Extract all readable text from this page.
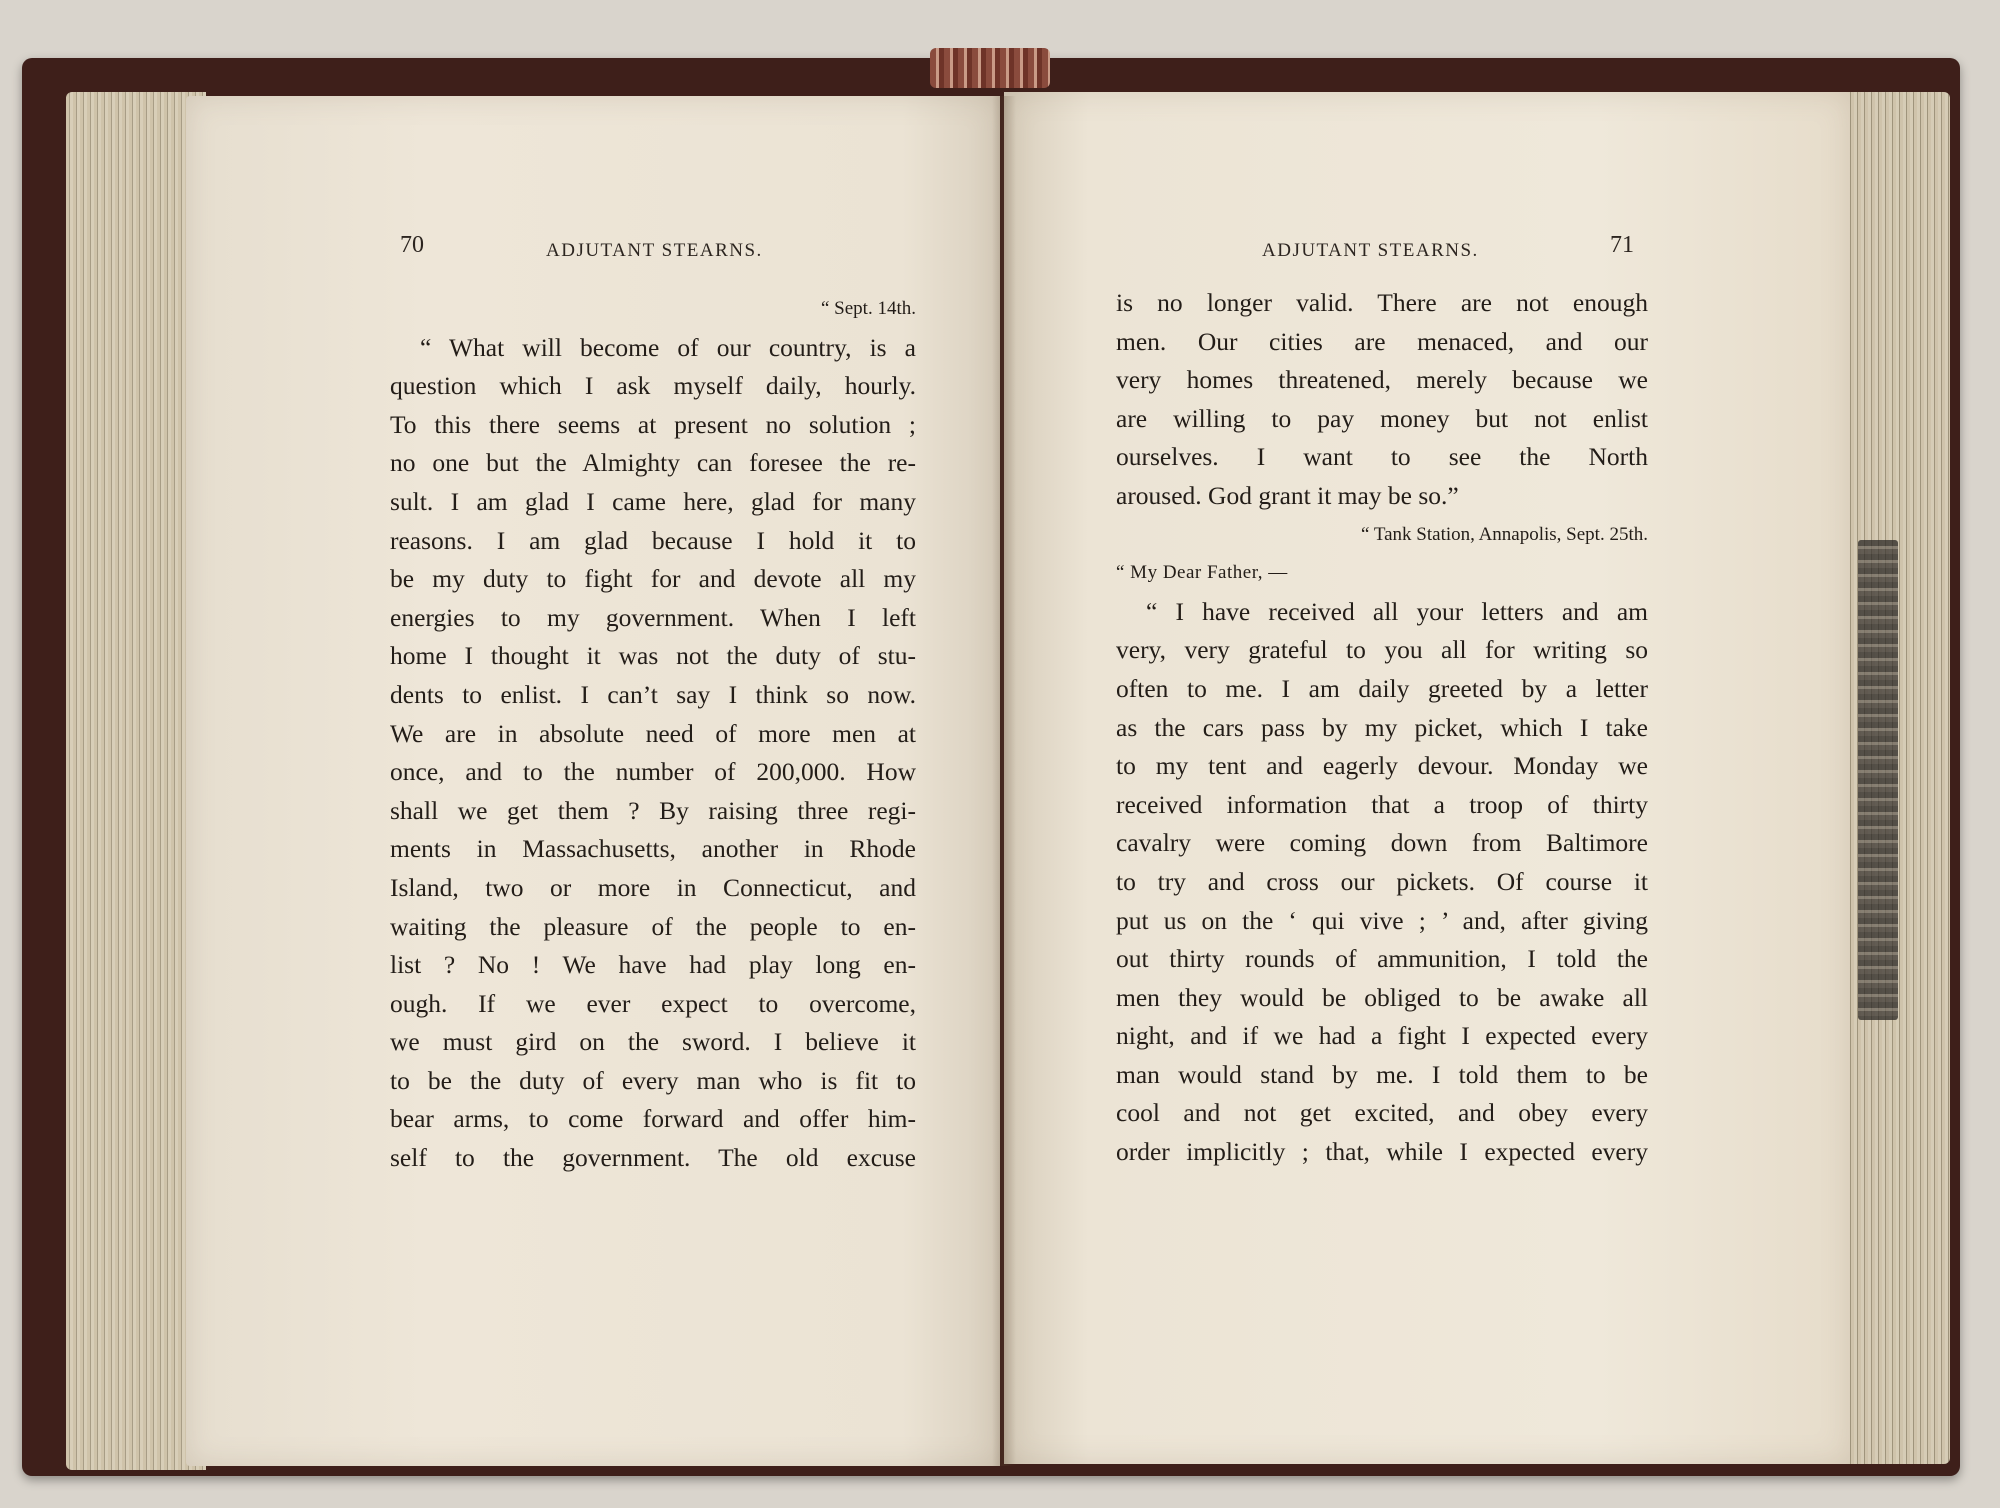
70	ADJUTANT STEARNS.
“ Sept. 14th.
“ What will become of our country, is a
question which I ask myself daily, hourly.
To this there seems at present no solution ;
no one but the Almighty can foresee the re-
sult. I am glad I came here, glad for many
reasons. I am glad because I hold it to
be my duty to fight for and devote all my
energies to my government. When I left
home I thought it was not the duty of stu-
dents to enlist. I can’t say I think so now.
We are in absolute need of more men at
once, and to the number of 200,000. How
shall we get them ? By raising three regi-
ments in Massachusetts, another in Rhode
Island, two or more in Connecticut, and
waiting the pleasure of the people to en-
list ? No ! We have had play long en-
ough. If we ever expect to overcome,
we must gird on the sword. I believe it
to be the duty of every man who is fit to
bear arms, to come forward and offer him-
self to the government. The old excuse
ADJUTANT STEARNS.	71
is no longer valid. There are not enough
men. Our cities are menaced, and our
very homes threatened, merely because we
are willing to pay money but not enlist
ourselves. I want to see the North
aroused. God grant it may be so.”
“ Tank Station, Annapolis, Sept. 25th.
“ My Dear Father, —
“ I have received all your letters and am
very, very grateful to you all for writing so
often to me. I am daily greeted by a letter
as the cars pass by my picket, which I take
to my tent and eagerly devour. Monday we
received information that a troop of thirty
cavalry were coming down from Baltimore
to try and cross our pickets. Of course it
put us on the ‘ qui vive ; ’ and, after giving
out thirty rounds of ammunition, I told the
men they would be obliged to be awake all
night, and if we had a fight I expected every
man would stand by me. I told them to be
cool and not get excited, and obey every
order implicitly ; that, while I expected every
